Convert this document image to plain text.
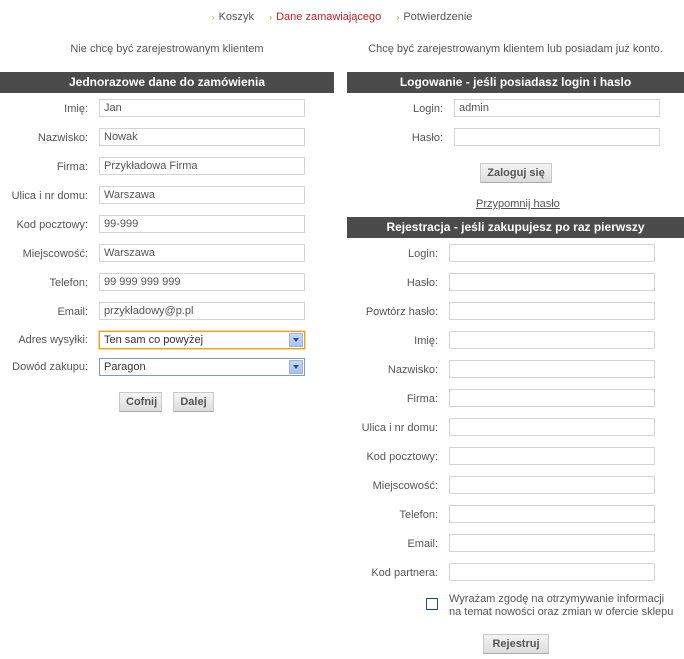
› Koszyk › Dane zamawiającego › Potwierdzenie
Nie chcę być zarejestrowanym klientem
Jednorazowe dane do zamówienia
Imię:
Jan
Nazwisko:
Nowak
Firma:
Przykładowa Firma
Ulica i nr domu:
Warszawa
Kod pocztowy:
99-999
Miejscowość:
Warszawa
Telefon:
99 999 999 999
Email:
przykładowy@p.pl
Adres wysyłki:	Ten sam co powyżej
Dowód zakupu:	Paragon
Cofnij	Dalej
Chcę być zarejestrowanym klientem lub posiadam już konto.
Logowanie - jeśli posiadasz login i haslo
Login:
admin
Hasło:
Zaloguj się
Przypomnij hasło
Rejestracja - jeśli zakupujesz po raz pierwszy
Login:
Hasło:
Powtórz hasło:
Imię:
Nazwisko:
Firma:
Ulica i nr domu:
Kod pocztowy:
Miejscowość:
Telefon:
Email:
Kod partnera:
Wyrażam zgodę na otrzymywanie informacji
na temat nowości oraz zmian w ofercie sklepu
Rejestruj
